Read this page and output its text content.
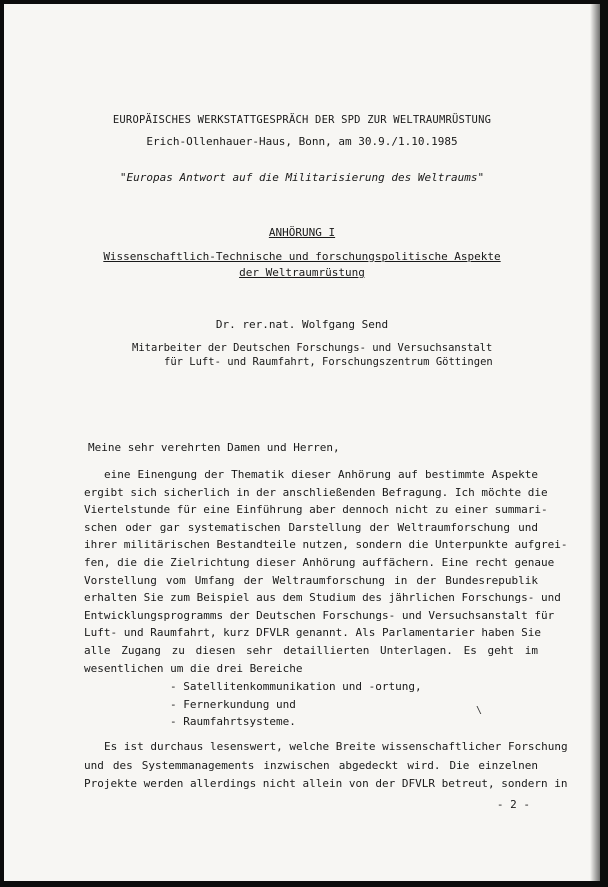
EUROPÄISCHES WERKSTATTGESPRÄCH DER SPD ZUR WELTRAUMRÜSTUNG
Erich-Ollenhauer-Haus, Bonn, am 30.9./1.10.1985
"Europas Antwort auf die Militarisierung des Weltraums"
ANHÖRUNG I
Wissenschaftlich-Technische und forschungspolitische Aspekte
der Weltraumrüstung
Dr. rer.nat. Wolfgang Send
Mitarbeiter der Deutschen Forschungs- und Versuchsanstalt
für Luft- und Raumfahrt, Forschungszentrum Göttingen
Meine sehr verehrten Damen und Herren,
eine Einengung der Thematik dieser Anhörung auf bestimmte Aspekte
ergibt sich sicherlich in der anschließenden Befragung. Ich möchte die
Viertelstunde für eine Einführung aber dennoch nicht zu einer summari-
schen oder gar systematischen Darstellung der Weltraumforschung und
ihrer militärischen Bestandteile nutzen, sondern die Unterpunkte aufgrei-
fen, die die Zielrichtung dieser Anhörung auffächern. Eine recht genaue
Vorstellung vom Umfang der Weltraumforschung in der Bundesrepublik
erhalten Sie zum Beispiel aus dem Studium des jährlichen Forschungs- und
Entwicklungsprogramms der Deutschen Forschungs- und Versuchsanstalt für
Luft- und Raumfahrt, kurz DFVLR genannt. Als Parlamentarier haben Sie
alle Zugang zu diesen sehr detaillierten Unterlagen. Es geht im
wesentlichen um die drei Bereiche
- Satellitenkommunikation und -ortung,
- Fernerkundung und
- Raumfahrtsysteme.
\
Es ist durchaus lesenswert, welche Breite wissenschaftlicher Forschung
und des Systemmanagements inzwischen abgedeckt wird. Die einzelnen
Projekte werden allerdings nicht allein von der DFVLR betreut, sondern in
- 2 -
